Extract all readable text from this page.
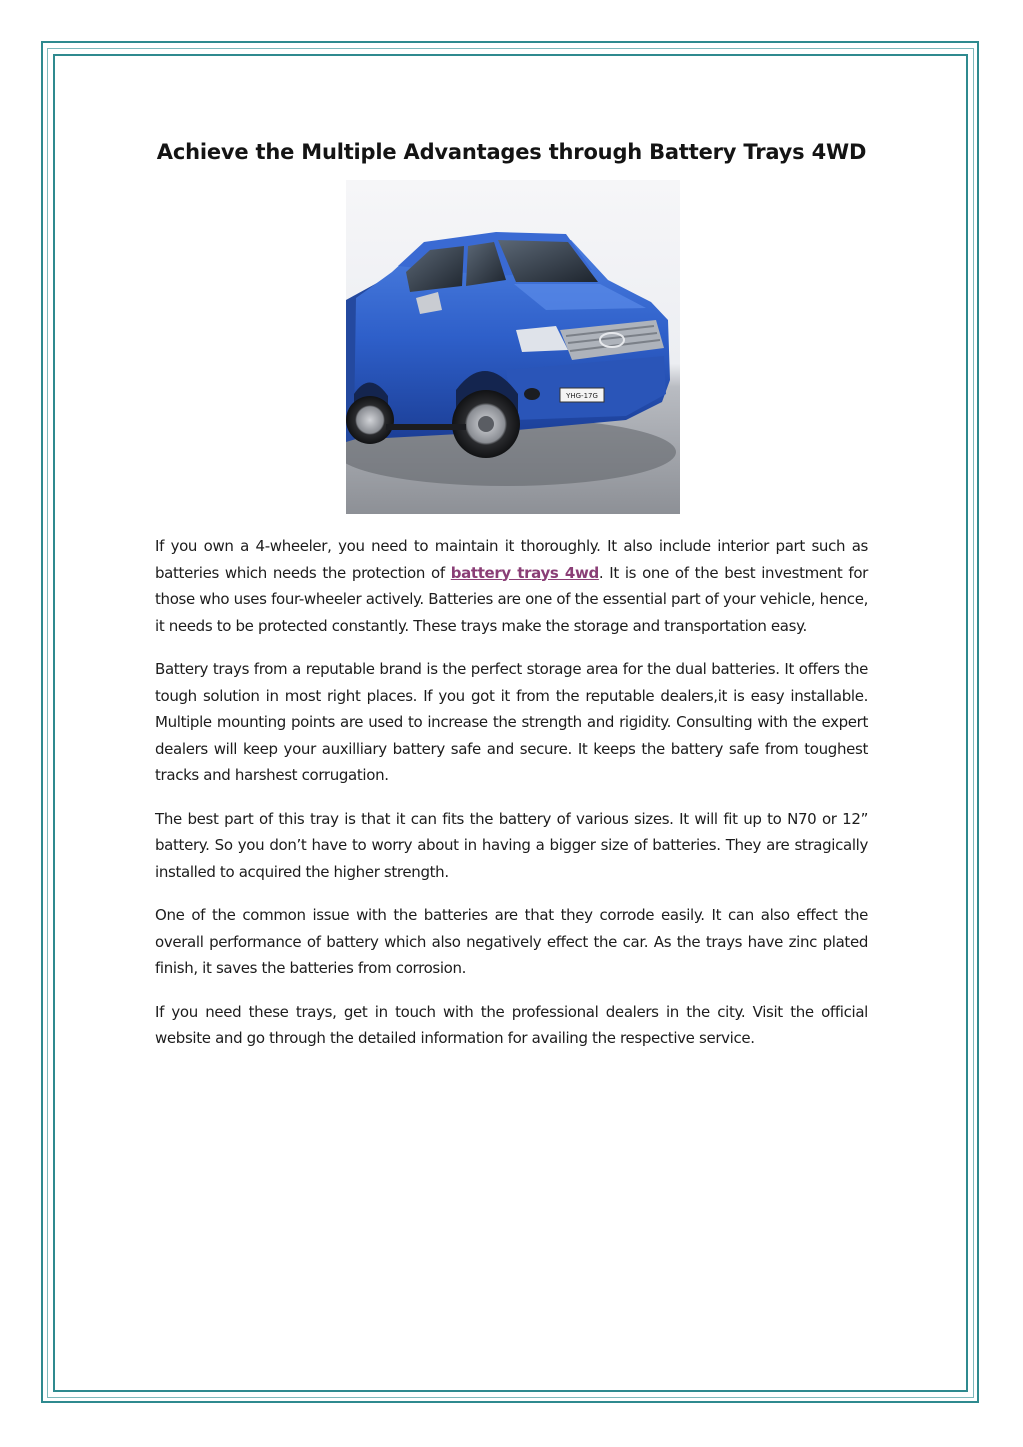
Achieve the Multiple Advantages through Battery Trays 4WD
YHG-17G

If you own a 4-wheeler, you need to maintain it thoroughly. It also include interior part such as batteries which needs the protection of battery trays 4wd. It is one of the best investment for those who uses four-wheeler actively. Batteries are one of the essential part of your vehicle, hence, it needs to be protected constantly. These trays make the storage and transportation easy.

Battery trays from a reputable brand is the perfect storage area for the dual batteries. It offers the tough solution in most right places. If you got it from the reputable dealers,it is easy installable. Multiple mounting points are used to increase the strength and rigidity. Consulting with the expert dealers will keep your auxilliary battery safe and secure. It keeps the battery safe from toughest tracks and harshest corrugation.

The best part of this tray is that it can fits the battery of various sizes. It will fit up to N70 or 12” battery. So you don’t have to worry about in having a bigger size of batteries. They are stragically installed to acquired the higher strength.

One of the common issue with the batteries are that they corrode easily. It can also effect the overall performance of battery which also negatively effect the car. As the trays have zinc plated finish, it saves the batteries from corrosion.

If you need these trays, get in touch with the professional dealers in the city. Visit the official website and go through the detailed information for availing the respective service.
